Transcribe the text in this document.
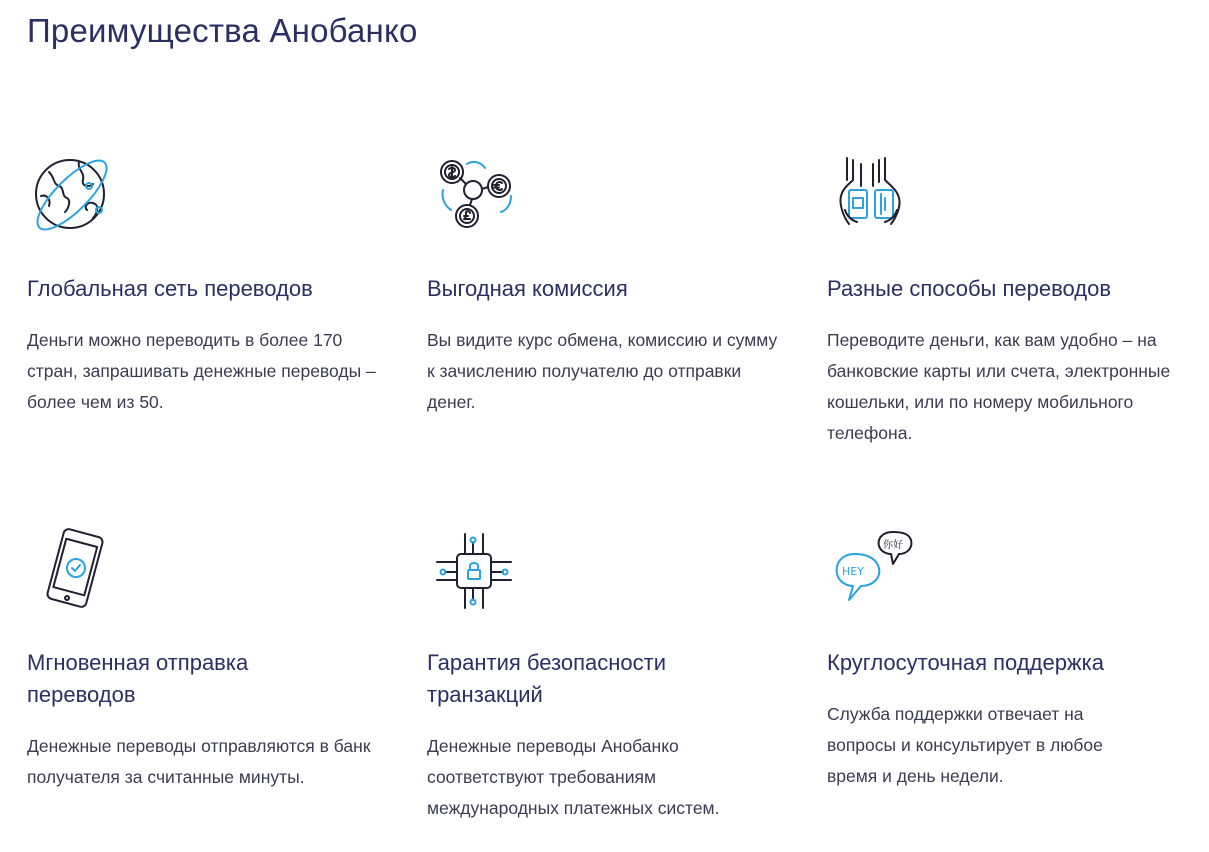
Преимущества Анобанко
Глобальная сеть переводов

Деньги можно переводить в более 170 стран, запрашивать денежные переводы – более чем из 50.

Выгодная комиссия

Вы видите курс обмена, комиссию и сумму к зачислению получателю до отправки денег.

Разные способы переводов

Переводите деньги, как вам удобно – на банковские карты или счета, электронные кошельки, или по номеру мобильного телефона.

Мгновенная отправка переводов

Денежные переводы отправляются в банк получателя за считанные минуты.

Гарантия безопасности транзакций

Денежные переводы Анобанко соответствуют требованиям международных платежных систем.

HEY
你好
Круглосуточная поддержка

Служба поддержки отвечает на вопросы и консультирует в любое время и день недели.
